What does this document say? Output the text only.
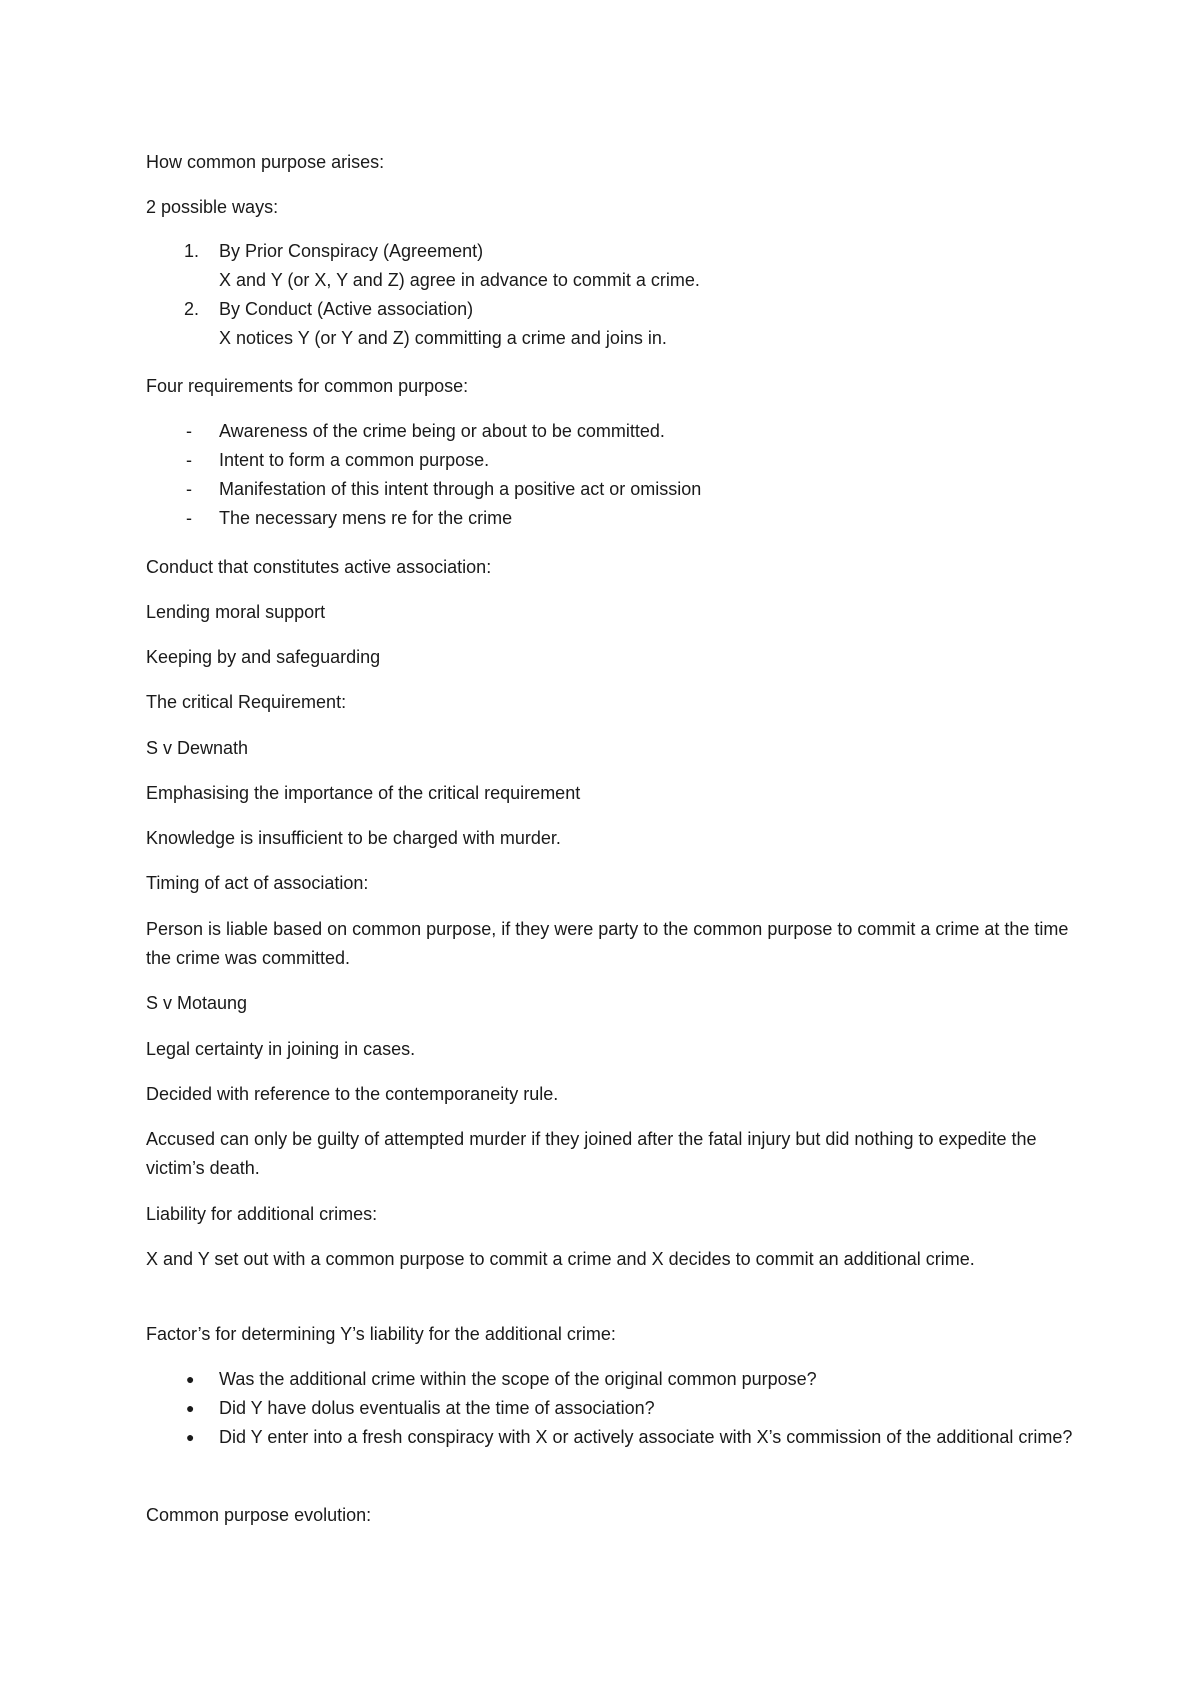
How common purpose arises:

2 possible ways:

1. By Prior Conspiracy (Agreement)

X and Y (or X, Y and Z) agree in advance to commit a crime.

2. By Conduct (Active association)

X notices Y (or Y and Z) committing a crime and joins in.

Four requirements for common purpose:

- Awareness of the crime being or about to be committed.

- Intent to form a common purpose.

- Manifestation of this intent through a positive act or omission

- The necessary mens re for the crime

Conduct that constitutes active association:

Lending moral support

Keeping by and safeguarding

The critical Requirement:

S v Dewnath

Emphasising the importance of the critical requirement

Knowledge is insufficient to be charged with murder.

Timing of act of association:

Person is liable based on common purpose, if they were party to the common purpose to commit a crime at the time the crime was committed.

S v Motaung

Legal certainty in joining in cases.

Decided with reference to the contemporaneity rule.

Accused can only be guilty of attempted murder if they joined after the fatal injury but did nothing to expedite the victim’s death.

Liability for additional crimes:

X and Y set out with a common purpose to commit a crime and X decides to commit an additional crime.

Factor’s for determining Y’s liability for the additional crime:

● Was the additional crime within the scope of the original common purpose?

● Did Y have dolus eventualis at the time of association?

● Did Y enter into a fresh conspiracy with X or actively associate with X’s commission of the additional crime?

Common purpose evolution:
